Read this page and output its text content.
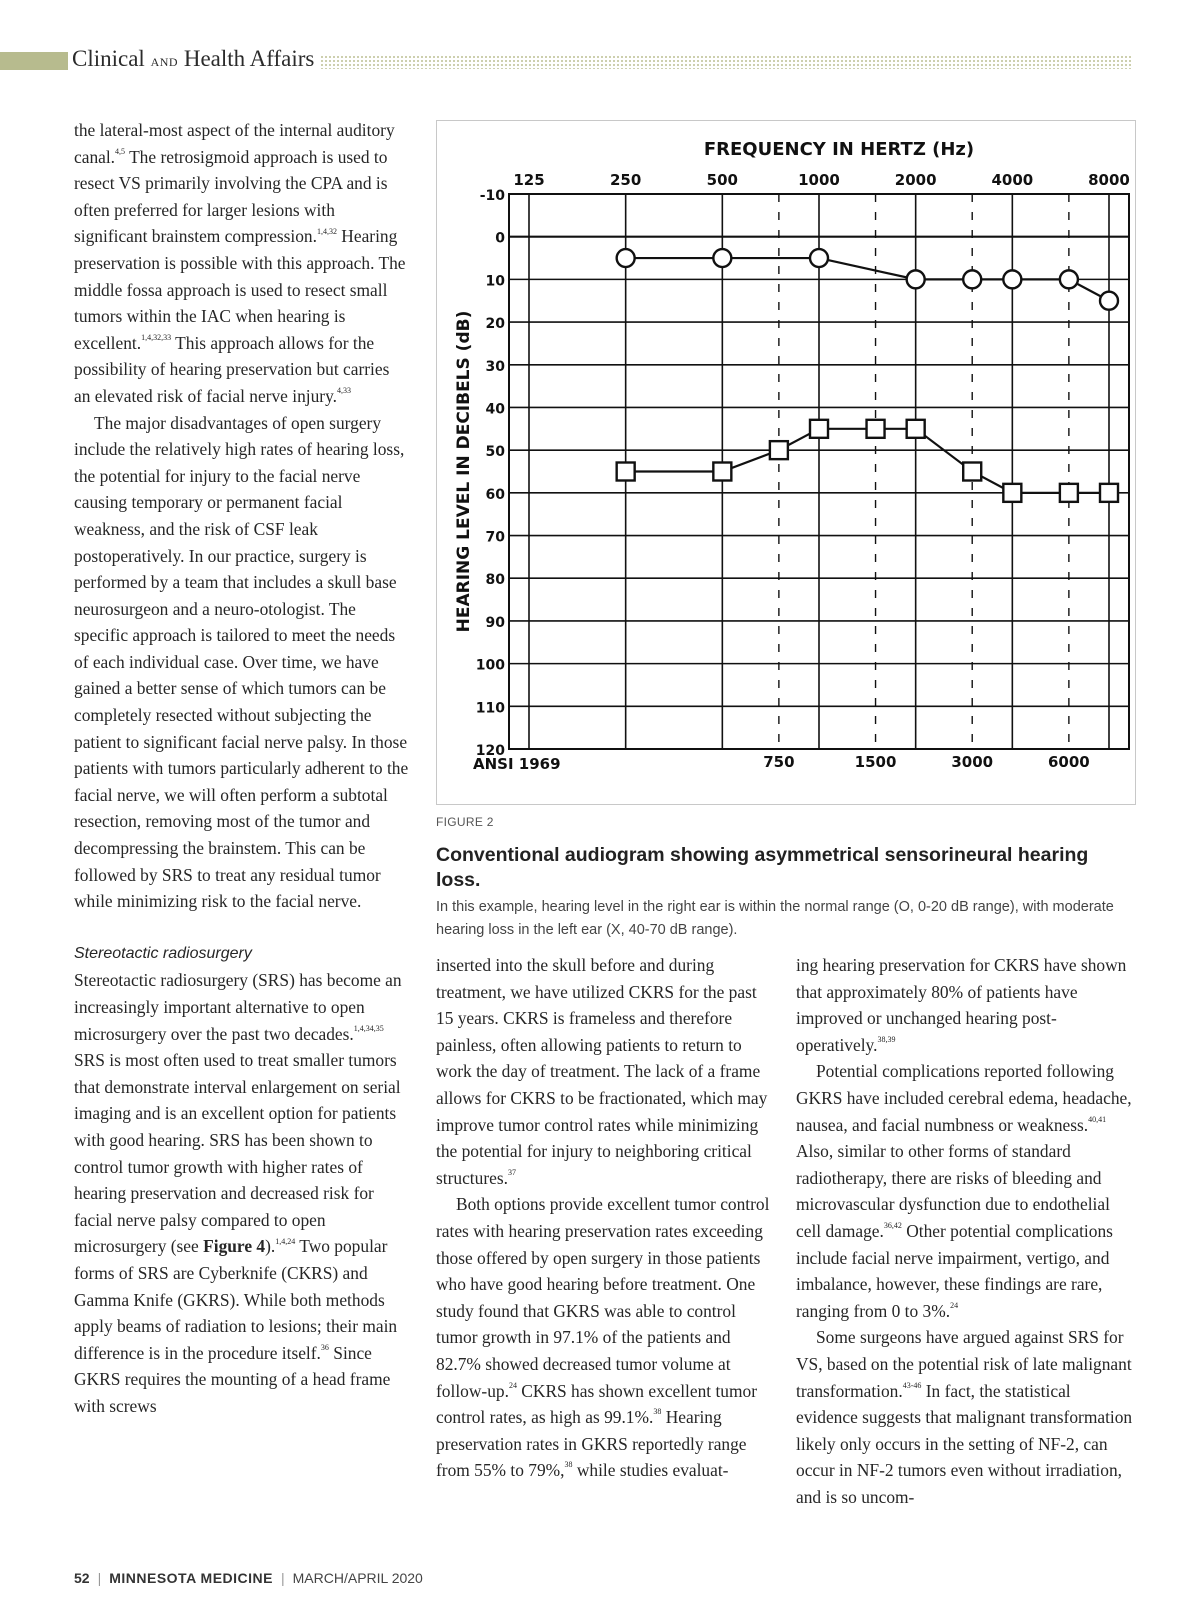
Clinical AND Health Affairs

the lateral-most aspect of the internal auditory canal.$^{4,5}$ The retrosigmoid approach is used to resect VS primarily involving the CPA and is often preferred for larger lesions with significant brainstem compression.$^{1,4,32}$ Hearing preservation is possible with this approach. The middle fossa approach is used to resect small tumors within the IAC when hearing is excellent.$^{1,4,32,33}$ This approach allows for the possibility of hearing preservation but carries an elevated risk of facial nerve injury.$^{4,33}$

The major disadvantages of open surgery include the relatively high rates of hearing loss, the potential for injury to the facial nerve causing temporary or permanent facial weakness, and the risk of CSF leak postoperatively. In our practice, surgery is performed by a team that includes a skull base neurosurgeon and a neuro-otologist. The specific approach is tailored to meet the needs of each individual case. Over time, we have gained a better sense of which tumors can be completely resected without subjecting the patient to significant facial nerve palsy. In those patients with tumors particularly adherent to the facial nerve, we will often perform a subtotal resection, removing most of the tumor and decompressing the brainstem. This can be followed by SRS to treat any residual tumor while minimizing risk to the facial nerve.

Stereotactic radiosurgery

Stereotactic radiosurgery (SRS) has become an increasingly important alternative to open microsurgery over the past two decades.$^{1,4,34,35}$ SRS is most often used to treat smaller tumors that demonstrate interval enlargement on serial imaging and is an excellent option for patients with good hearing. SRS has been shown to control tumor growth with higher rates of hearing preservation and decreased risk for facial nerve palsy compared to open microsurgery (see Figure 4).$^{1,4,24}$ Two popular forms of SRS are Cyberknife (CKRS) and Gamma Knife (GKRS). While both methods apply beams of radiation to lesions; their main difference is in the procedure itself.$^{36}$ Since GKRS requires the mounting of a head frame with screws

FREQUENCY IN HERTZ (Hz)
-10
0
10
20
30
40
50
60
70
80
90
100
110
120
125	250	500	1000	2000	4000	8000
750	1500	3000	6000
HEARING LEVEL IN DECIBELS (dB)
ANSI 1969
FIGURE 2
Conventional audiogram showing asymmetrical sensorineural hearing loss.
In this example, hearing level in the right ear is within the normal range (O, 0-20 dB range), with moderate hearing loss in the left ear (X, 40-70 dB range).

inserted into the skull before and during treatment, we have utilized CKRS for the past 15 years. CKRS is frameless and therefore painless, often allowing patients to return to work the day of treatment. The lack of a frame allows for CKRS to be fractionated, which may improve tumor control rates while minimizing the potential for injury to neighboring critical structures.$^{37}$

Both options provide excellent tumor control rates with hearing preservation rates exceeding those offered by open surgery in those patients who have good hearing before treatment. One study found that GKRS was able to control tumor growth in 97.1% of the patients and 82.7% showed decreased tumor volume at follow-up.$^{24}$ CKRS has shown excellent tumor control rates, as high as 99.1%.$^{38}$ Hearing preservation rates in GKRS reportedly range from 55% to 79%,$^{38}$ while studies evaluat-

ing hearing preservation for CKRS have shown that approximately 80% of patients have improved or unchanged hearing post-operatively.$^{38,39}$

Potential complications reported following GKRS have included cerebral edema, headache, nausea, and facial numbness or weakness.$^{40,41}$ Also, similar to other forms of standard radiotherapy, there are risks of bleeding and microvascular dysfunction due to endothelial cell damage.$^{36,42}$ Other potential complications include facial nerve impairment, vertigo, and imbalance, however, these findings are rare, ranging from 0 to 3%.$^{24}$

Some surgeons have argued against SRS for VS, based on the potential risk of late malignant transformation.$^{43-46}$ In fact, the statistical evidence suggests that malignant transformation likely only occurs in the setting of NF-2, can occur in NF-2 tumors even without irradiation, and is so uncom-

52 | MINNESOTA MEDICINE | MARCH/APRIL 2020
